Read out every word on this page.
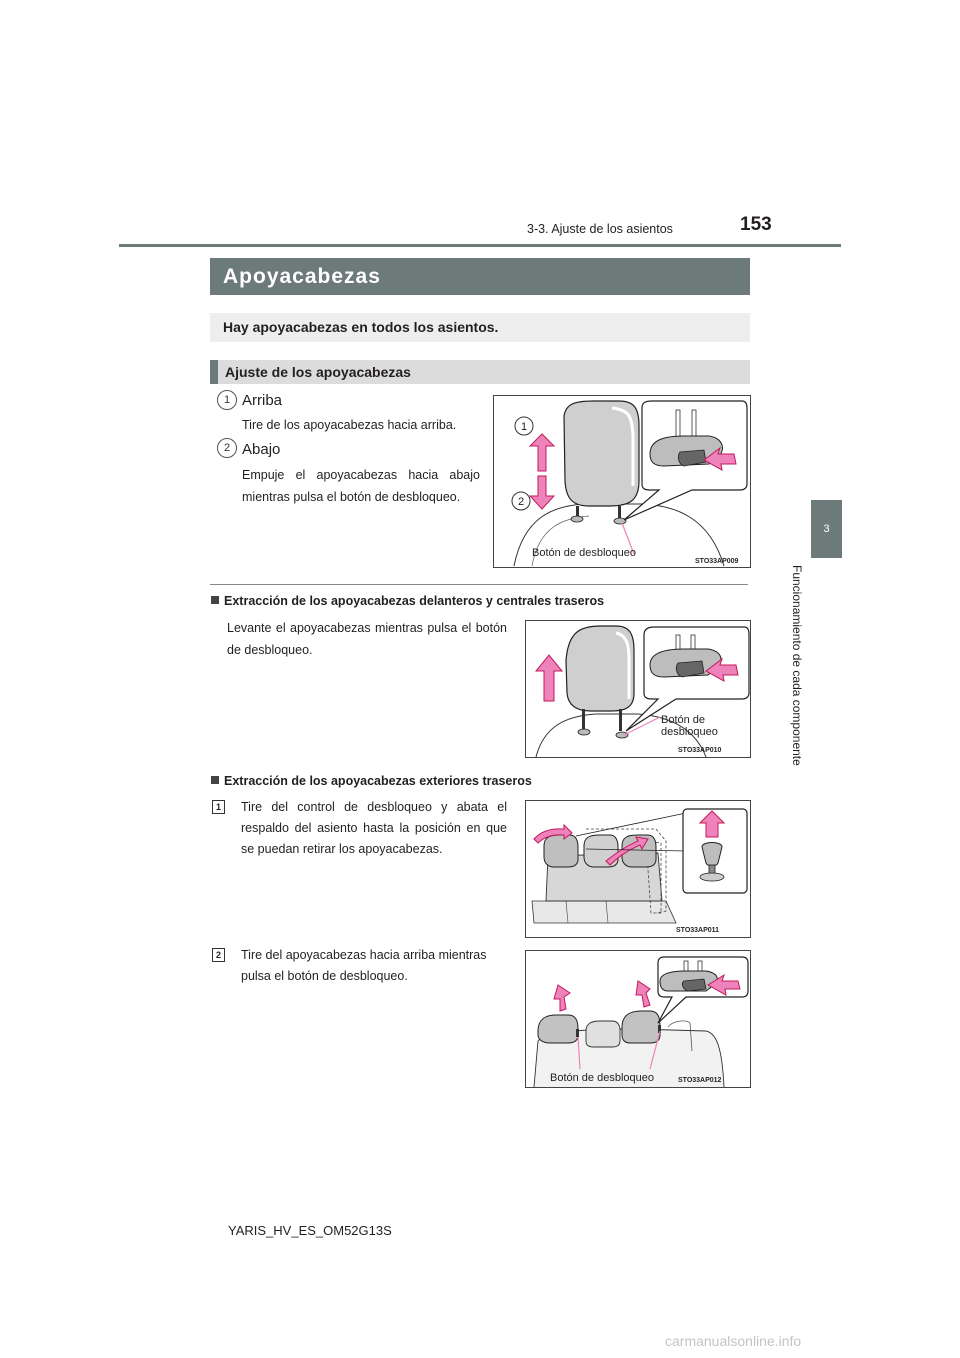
3-3. Ajuste de los asientos	153
3
Funcionamiento de cada componente
Apoyacabezas
Hay apoyacabezas en todos los asientos.
Ajuste de los apoyacabezas
1 Arriba
Tire de los apoyacabezas hacia arriba.
2 Abajo
Empuje el apoyacabezas hacia abajo mientras pulsa el botón de desbloqueo.
1
2
Botón de desbloqueo
STO33AP009
Extracción de los apoyacabezas delanteros y centrales traseros
Levante el apoyacabezas mientras pulsa el botón de desbloqueo.
Botón de
desbloqueo
STO33AP010
Extracción de los apoyacabezas exteriores traseros
1	Tire del control de desbloqueo y abata el respaldo del asiento hasta la posición en que se puedan retirar los apoyacabezas.
STO33AP011
2	Tire del apoyacabezas hacia arriba mientras pulsa el botón de desbloqueo.
Botón de desbloqueo	STO33AP012
YARIS_HV_ES_OM52G13S
carmanualsonline.info
